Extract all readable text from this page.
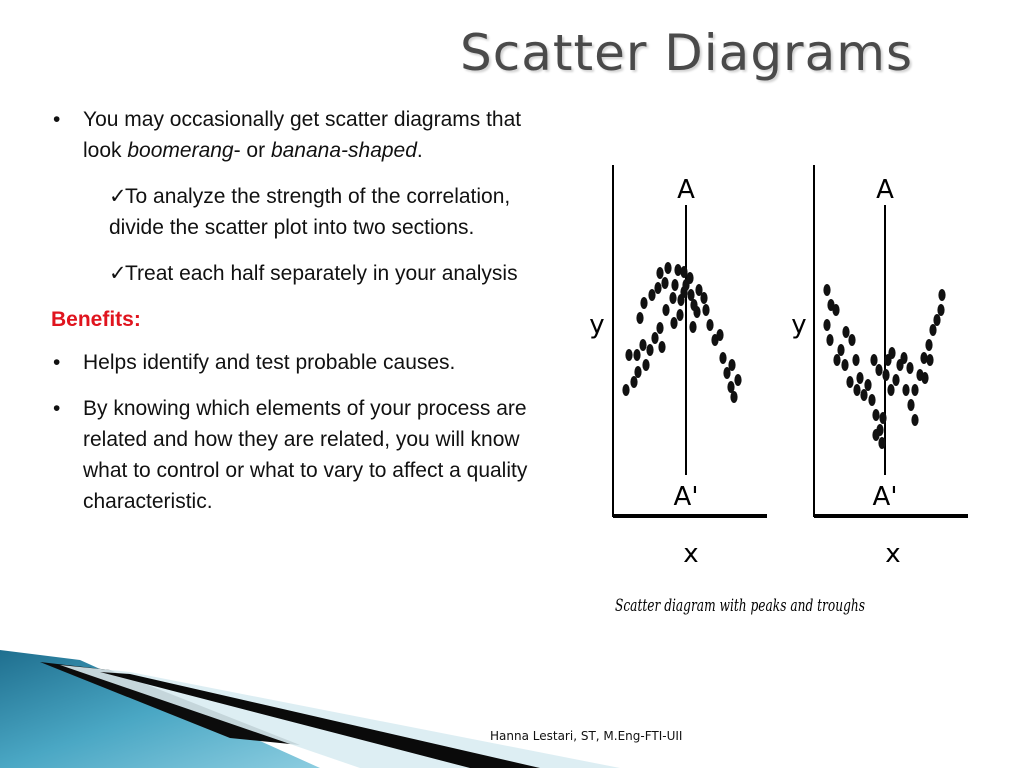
Scatter Diagrams
• You may occasionally get scatter diagrams that look boomerang- or banana-shaped.
✓To analyze the strength of the correlation, divide the scatter plot into two sections.
✓Treat each half separately in your analysis
Benefits:
• Helps identify and test probable causes.
• By knowing which elements of your process are related and how they are related, you will know what to control or what to vary to affect a quality characteristic.
A
A'
y
x
A
A'
y
x
Scatter diagram with peaks and troughs
Hanna Lestari, ST, M.Eng-FTI-UII
